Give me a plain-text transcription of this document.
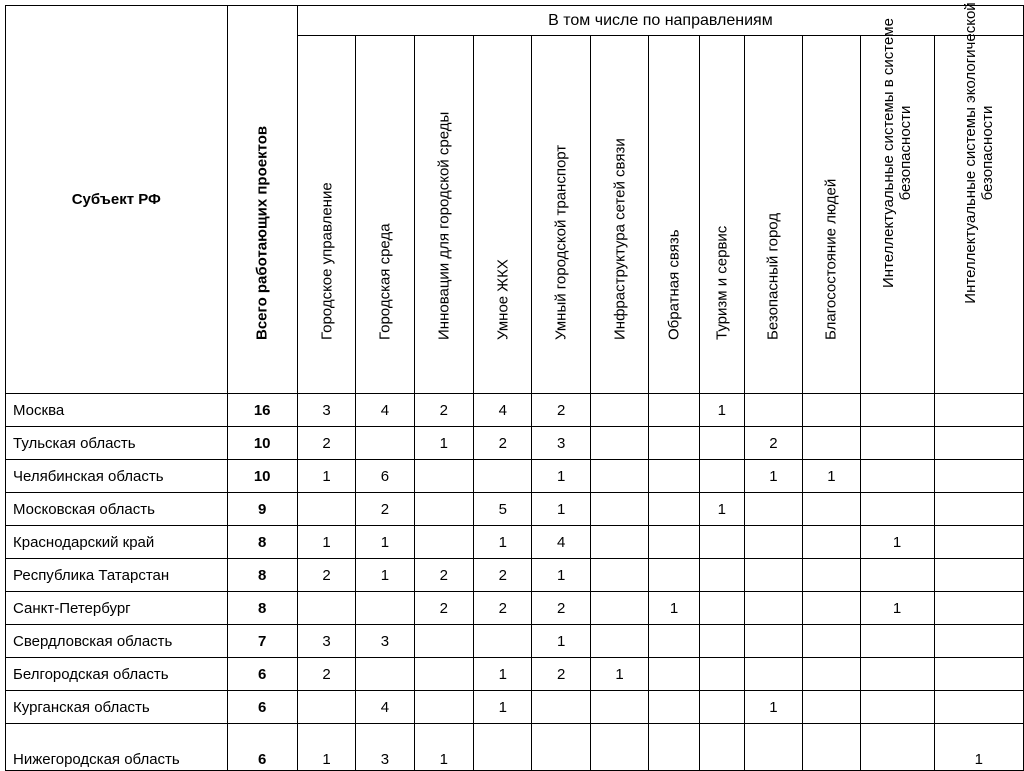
Субъект РФ	Всего работающих проектов	В том числе по направлениям											

		Городское управление	Городская среда	Инновации для городской среды	Умное ЖКХ	Умный городской транспорт	Инфраструктура сетей связи	Обратная связь	Туризм и сервис	Безопасный город	Благосостояние людей	Интеллектуальные системы в системе безопасности	Интеллектуальные системы экологической безопасности

Москва	16	3	4	2	4	2			1				
Тульская область	10	2		1	2	3				2			
Челябинская область	10	1	6			1				1	1		
Московская область	9		2		5	1			1				
Краснодарский край	8	1	1		1	4						1	
Республика Татарстан	8	2	1	2	2	1							
Санкт-Петербург	8			2	2	2		1				1	
Свердловская область	7	3	3			1							
Белгородская область	6	2			1	2	1						
Курганская область	6		4		1					1			
Нижегородская область	6	1	3	1									1
